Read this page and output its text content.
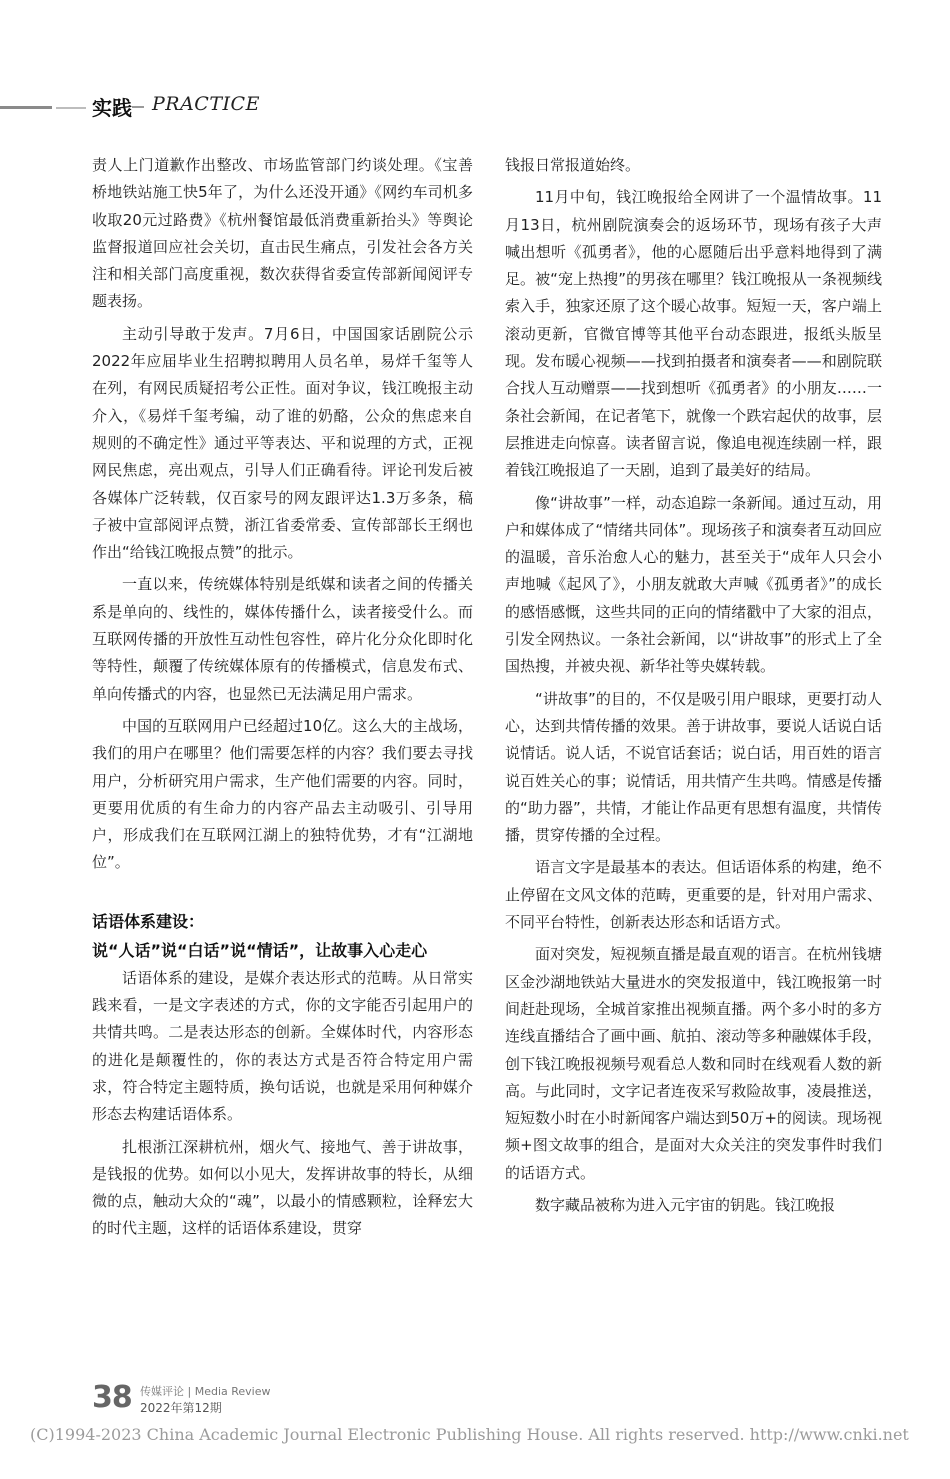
实践 PRACTICE

责人上门道歉作出整改、市场监管部门约谈处理。《宝善桥地铁站施工快5年了，为什么还没开通》《网约车司机多收取20元过路费》《杭州餐馆最低消费重新抬头》等舆论监督报道回应社会关切，直击民生痛点，引发社会各方关注和相关部门高度重视，数次获得省委宣传部新闻阅评专题表扬。

主动引导敢于发声。7月6日，中国国家话剧院公示2022年应届毕业生招聘拟聘用人员名单，易烊千玺等人在列，有网民质疑招考公正性。面对争议，钱江晚报主动介入，《易烊千玺考编，动了谁的奶酪，公众的焦虑来自规则的不确定性》通过平等表达、平和说理的方式，正视网民焦虑，亮出观点，引导人们正确看待。评论刊发后被各媒体广泛转载，仅百家号的网友跟评达1.3万多条，稿子被中宣部阅评点赞，浙江省委常委、宣传部部长王纲也作出“给钱江晚报点赞”的批示。

一直以来，传统媒体特别是纸媒和读者之间的传播关系是单向的、线性的，媒体传播什么，读者接受什么。而互联网传播的开放性互动性包容性，碎片化分众化即时化等特性，颠覆了传统媒体原有的传播模式，信息发布式、单向传播式的内容，也显然已无法满足用户需求。

中国的互联网用户已经超过10亿。这么大的主战场，我们的用户在哪里？他们需要怎样的内容？我们要去寻找用户，分析研究用户需求，生产他们需要的内容。同时，更要用优质的有生命力的内容产品去主动吸引、引导用户，形成我们在互联网江湖上的独特优势，才有“江湖地位”。

话语体系建设：
说“人话”说“白话”说“情话”，让故事入心走心

话语体系的建设，是媒介表达形式的范畴。从日常实践来看，一是文字表述的方式，你的文字能否引起用户的共情共鸣。二是表达形态的创新。全媒体时代，内容形态的进化是颠覆性的，你的表达方式是否符合特定用户需求，符合特定主题特质，换句话说，也就是采用何种媒介形态去构建话语体系。

扎根浙江深耕杭州，烟火气、接地气、善于讲故事，是钱报的优势。如何以小见大，发挥讲故事的特长，从细微的点，触动大众的“魂”，以最小的情感颗粒，诠释宏大的时代主题，这样的话语体系建设，贯穿

钱报日常报道始终。

11月中旬，钱江晚报给全网讲了一个温情故事。11月13日，杭州剧院演奏会的返场环节，现场有孩子大声喊出想听《孤勇者》，他的心愿随后出乎意料地得到了满足。被“宠上热搜”的男孩在哪里？钱江晚报从一条视频线索入手，独家还原了这个暖心故事。短短一天，客户端上滚动更新，官微官博等其他平台动态跟进，报纸头版呈现。发布暖心视频——找到拍摄者和演奏者——和剧院联合找人互动赠票——找到想听《孤勇者》的小朋友……一条社会新闻，在记者笔下，就像一个跌宕起伏的故事，层层推进走向惊喜。读者留言说，像追电视连续剧一样，跟着钱江晚报追了一天剧，追到了最美好的结局。

像“讲故事”一样，动态追踪一条新闻。通过互动，用户和媒体成了“情绪共同体”。现场孩子和演奏者互动回应的温暖，音乐治愈人心的魅力，甚至关于“成年人只会小声地喊《起风了》，小朋友就敢大声喊《孤勇者》”的成长的感悟感慨，这些共同的正向的情绪戳中了大家的泪点，引发全网热议。一条社会新闻，以“讲故事”的形式上了全国热搜，并被央视、新华社等央媒转载。

“讲故事”的目的，不仅是吸引用户眼球，更要打动人心，达到共情传播的效果。善于讲故事，要说人话说白话说情话。说人话，不说官话套话；说白话，用百姓的语言说百姓关心的事；说情话，用共情产生共鸣。情感是传播的“助力器”，共情，才能让作品更有思想有温度，共情传播，贯穿传播的全过程。

语言文字是最基本的表达。但话语体系的构建，绝不止停留在文风文体的范畴，更重要的是，针对用户需求、不同平台特性，创新表达形态和话语方式。

面对突发，短视频直播是最直观的语言。在杭州钱塘区金沙湖地铁站大量进水的突发报道中，钱江晚报第一时间赶赴现场，全城首家推出视频直播。两个多小时的多方连线直播结合了画中画、航拍、滚动等多种融媒体手段，创下钱江晚报视频号观看总人数和同时在线观看人数的新高。与此同时，文字记者连夜采写救险故事，凌晨推送，短短数小时在小时新闻客户端达到50万+的阅读。现场视频+图文故事的组合，是面对大众关注的突发事件时我们的话语方式。

数字藏品被称为进入元宇宙的钥匙。钱江晚报

38 传媒评论 | Media Review
2022年第12期
(C)1994-2023 China Academic Journal Electronic Publishing House. All rights reserved. http://www.cnki.net
